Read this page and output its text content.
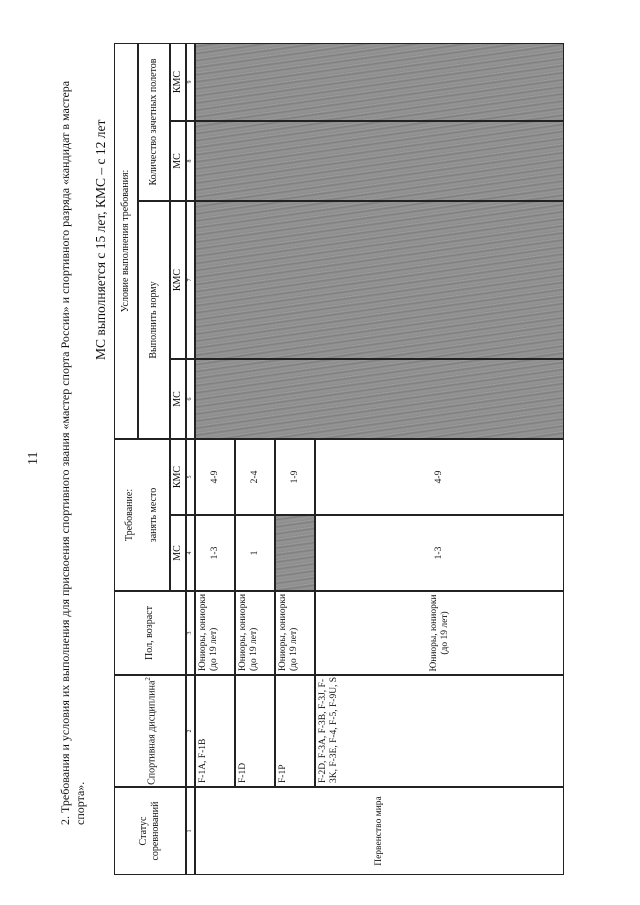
11 2. Требования и условия их выполнения для присвоения спортивного звания «мастер спорта России» и спортивного разряда «кандидат в мастера спорта».
МС выполняется с 15 лет, КМС – с 12 лет
Статус соревнований
Спортивная дисциплина$^2$
Пол, возраст
Требование: занять место
МС
КМС
Условие выполнения требования:
Выполнить норму
Количество зачетных полетов
МС
КМС
МС
КМС
1
2
3
4
5
6
7
8
9
Первенство мира
F-1A, F-1B
Юниоры, юниорки (до 19 лет)
1-3
4-9
F-1D
Юниоры, юниорки (до 19 лет)
1
2-4
F-1P
Юниоры, юниорки (до 19 лет)
1-9
F-2D, F-3A, F-3B, F-3J, F-3K, F-3E, F-4, F-5, F-9U, S
Юниоры, юниорки (до 19 лет)
1-3
4-9
